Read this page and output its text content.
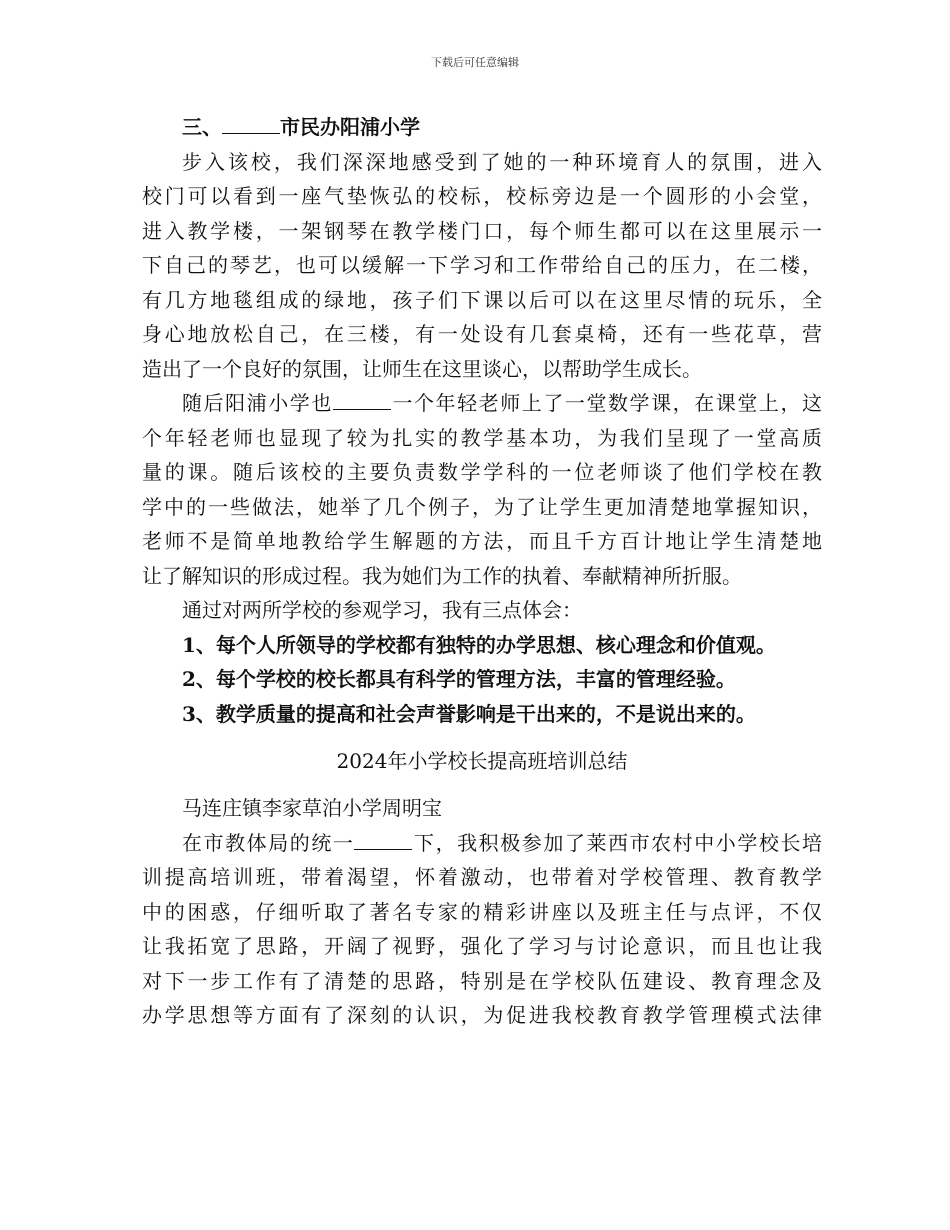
下载后可任意编辑
三、	市民办阳浦小学
步入该校，我们深深地感受到了她的一种环境育人的氛围，进入
校门可以看到一座气垫恢弘的校标，校标旁边是一个圆形的小会堂，
进入教学楼，一架钢琴在教学楼门口，每个师生都可以在这里展示一
下自己的琴艺，也可以缓解一下学习和工作带给自己的压力，在二楼，
有几方地毯组成的绿地，孩子们下课以后可以在这里尽情的玩乐，全
身心地放松自己，在三楼，有一处设有几套桌椅，还有一些花草，营
造出了一个良好的氛围，让师生在这里谈心，以帮助学生成长。
随后阳浦小学也	一个年轻老师上了一堂数学课，在课堂上，这
个年轻老师也显现了较为扎实的教学基本功，为我们呈现了一堂高质
量的课。随后该校的主要负责数学学科的一位老师谈了他们学校在教
学中的一些做法，她举了几个例子，为了让学生更加清楚地掌握知识，
老师不是简单地教给学生解题的方法，而且千方百计地让学生清楚地
让了解知识的形成过程。我为她们为工作的执着、奉献精神所折服。
通过对两所学校的参观学习，我有三点体会：
1、每个人所领导的学校都有独特的办学思想、核心理念和价值观。
2、每个学校的校长都具有科学的管理方法，丰富的管理经验。
3、教学质量的提高和社会声誉影响是干出来的，不是说出来的。
2024年小学校长提高班培训总结
马连庄镇李家草泊小学周明宝
在市教体局的统一	下，我积极参加了莱西市农村中小学校长培
训提高培训班，带着渴望，怀着激动，也带着对学校管理、教育教学
中的困惑，仔细听取了著名专家的精彩讲座以及班主任与点评，不仅
让我拓宽了思路，开阔了视野，强化了学习与讨论意识，而且也让我
对下一步工作有了清楚的思路，特别是在学校队伍建设、教育理念及
办学思想等方面有了深刻的认识，为促进我校教育教学管理模式法律
